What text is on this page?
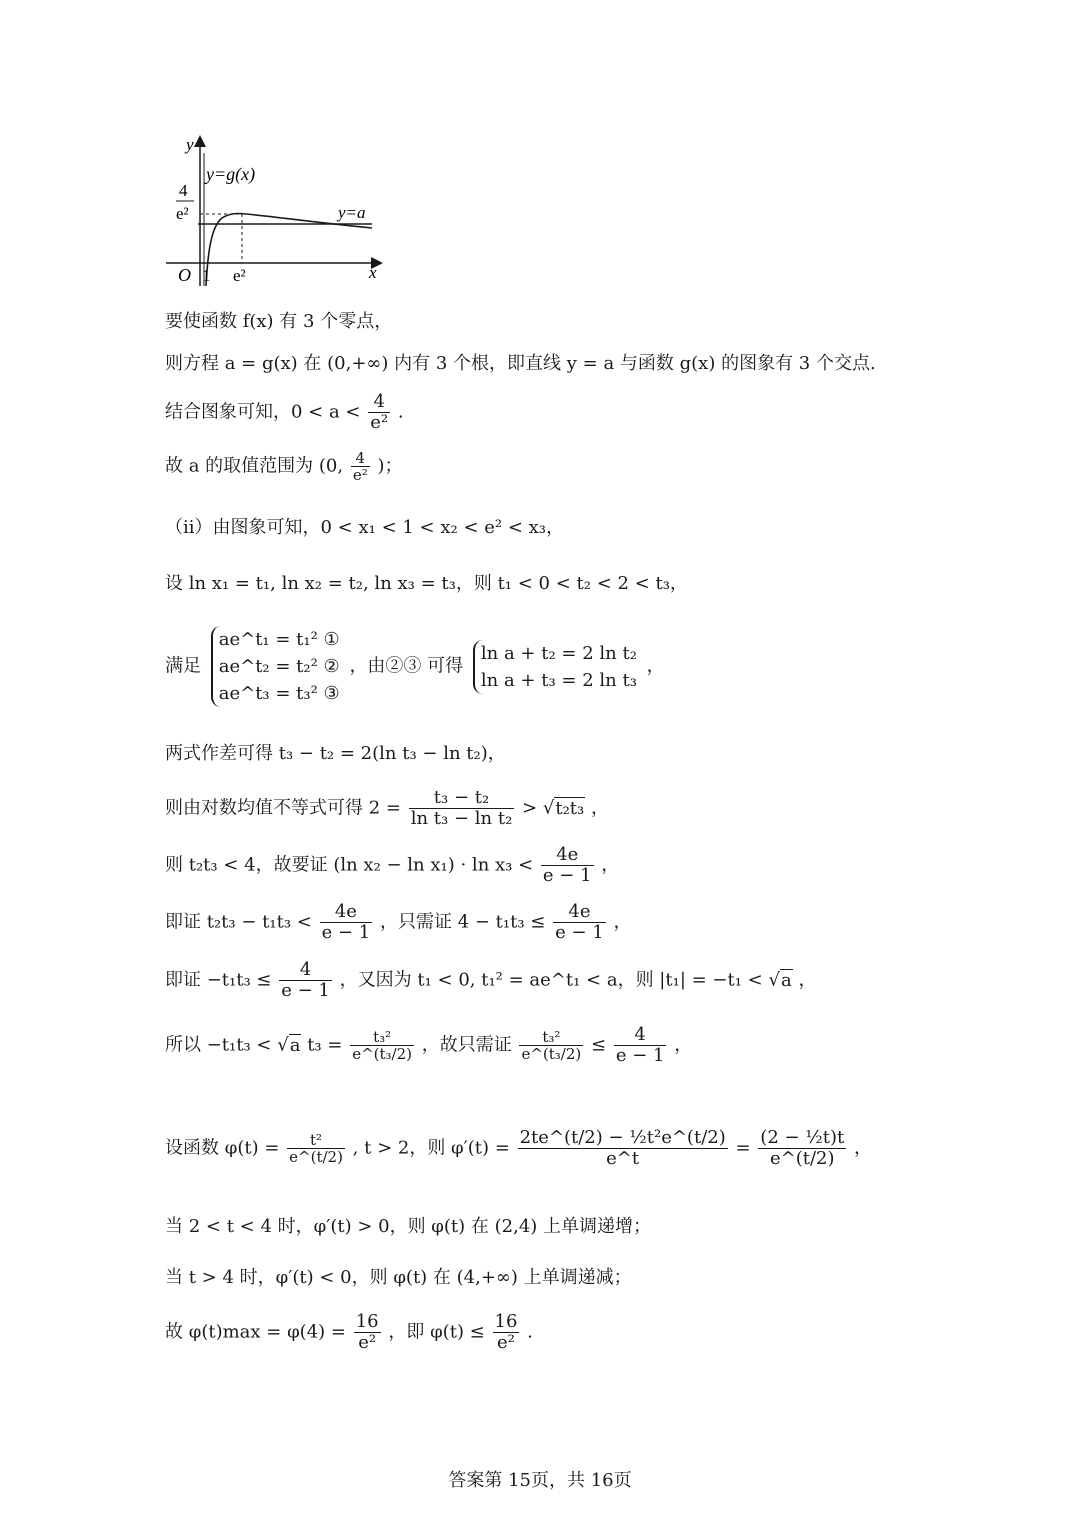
y
x
O
y=g(x)
y=a
4
e²
1 e²
要使函数 f(x) 有 3 个零点，
则方程 a = g(x) 在 (0,+∞) 内有 3 个根，即直线 y = a 与函数 g(x) 的图象有 3 个交点.
结合图象可知，$0 < a < \frac{4}{\text{e²}}$ .
故 a 的取值范围为 (0, $\frac{4}{\text{e²}}$ )；
（ii）由图象可知，0 < x₁ < 1 < x₂ < e² < x₃，
设 ln x₁ = t₁, ln x₂ = t₂, ln x₃ = t₃，则 t₁ < 0 < t₂ < 2 < t₃，
满足
ae^t₁ = t₁² ①
ae^t₂ = t₂² ②
ae^t₃ = t₃² ③
，由②③ 可得
ln a + t₂ = 2 ln t₂
ln a + t₃ = 2 ln t₃
，
两式作差可得 t₃ − t₂ = 2(ln t₃ − ln t₂)，
则由对数均值不等式可得 $2 = \frac{\text{t₃ − t₂}}{\text{ln t₃ − ln t₂}} > √t_2t_3$ ，
则 t₂t₃ < 4，故要证 (ln $x_2 - \ln x_1) \cdot \ln x_3 < \frac{4e}{e - 1}$ ，
即证 $t_2t_3 - t_1t_3 < \frac{4e}{e - 1}$ ，只需证 $4 - t_1t_3 \le \frac{4e}{e - 1}$ ，
即证 $-t_1t_3 \le \frac{4}{e - 1}$ ，又因为 t₁ < 0, t₁² = ae^t₁ < a，则 |t₁| = −t₁ < √a ，
所以 −t₁t₃ < √a $t_3 = \frac{\text{t₃²}}{\text{e\textasciicircum{}(t₃/2)}}$ ，故只需证 $\frac{\text{t₃²}}{\text{e\textasciicircum{}(t₃/2)}} \le \frac{4}{e - 1}$ ，
设函数 $\varphi(t) = \frac{\text{t²}}{e\^{}(t/2)}$ , t > 2，则 $\varphi'(t) = \frac{\text{2te\textasciicircum{}(t/2) − ½t²e\textasciicircum{}(t/2)}}{e\^{}t} = \frac{\text{(2 − ½t)t}}{e\^{}(t/2)}$ ，
当 2 < t < 4 时，φ′(t) > 0，则 φ(t) 在 (2,4) 上单调递增；
当 t > 4 时，φ′(t) < 0，则 φ(t) 在 (4,+∞) 上单调递减；
故 $\varphi(t)\max = \varphi(4) = \frac{16}{\text{e²}}$ ，即 $\varphi(t) \le \frac{16}{\text{e²}}$ .
答案第 15页，共 16页
